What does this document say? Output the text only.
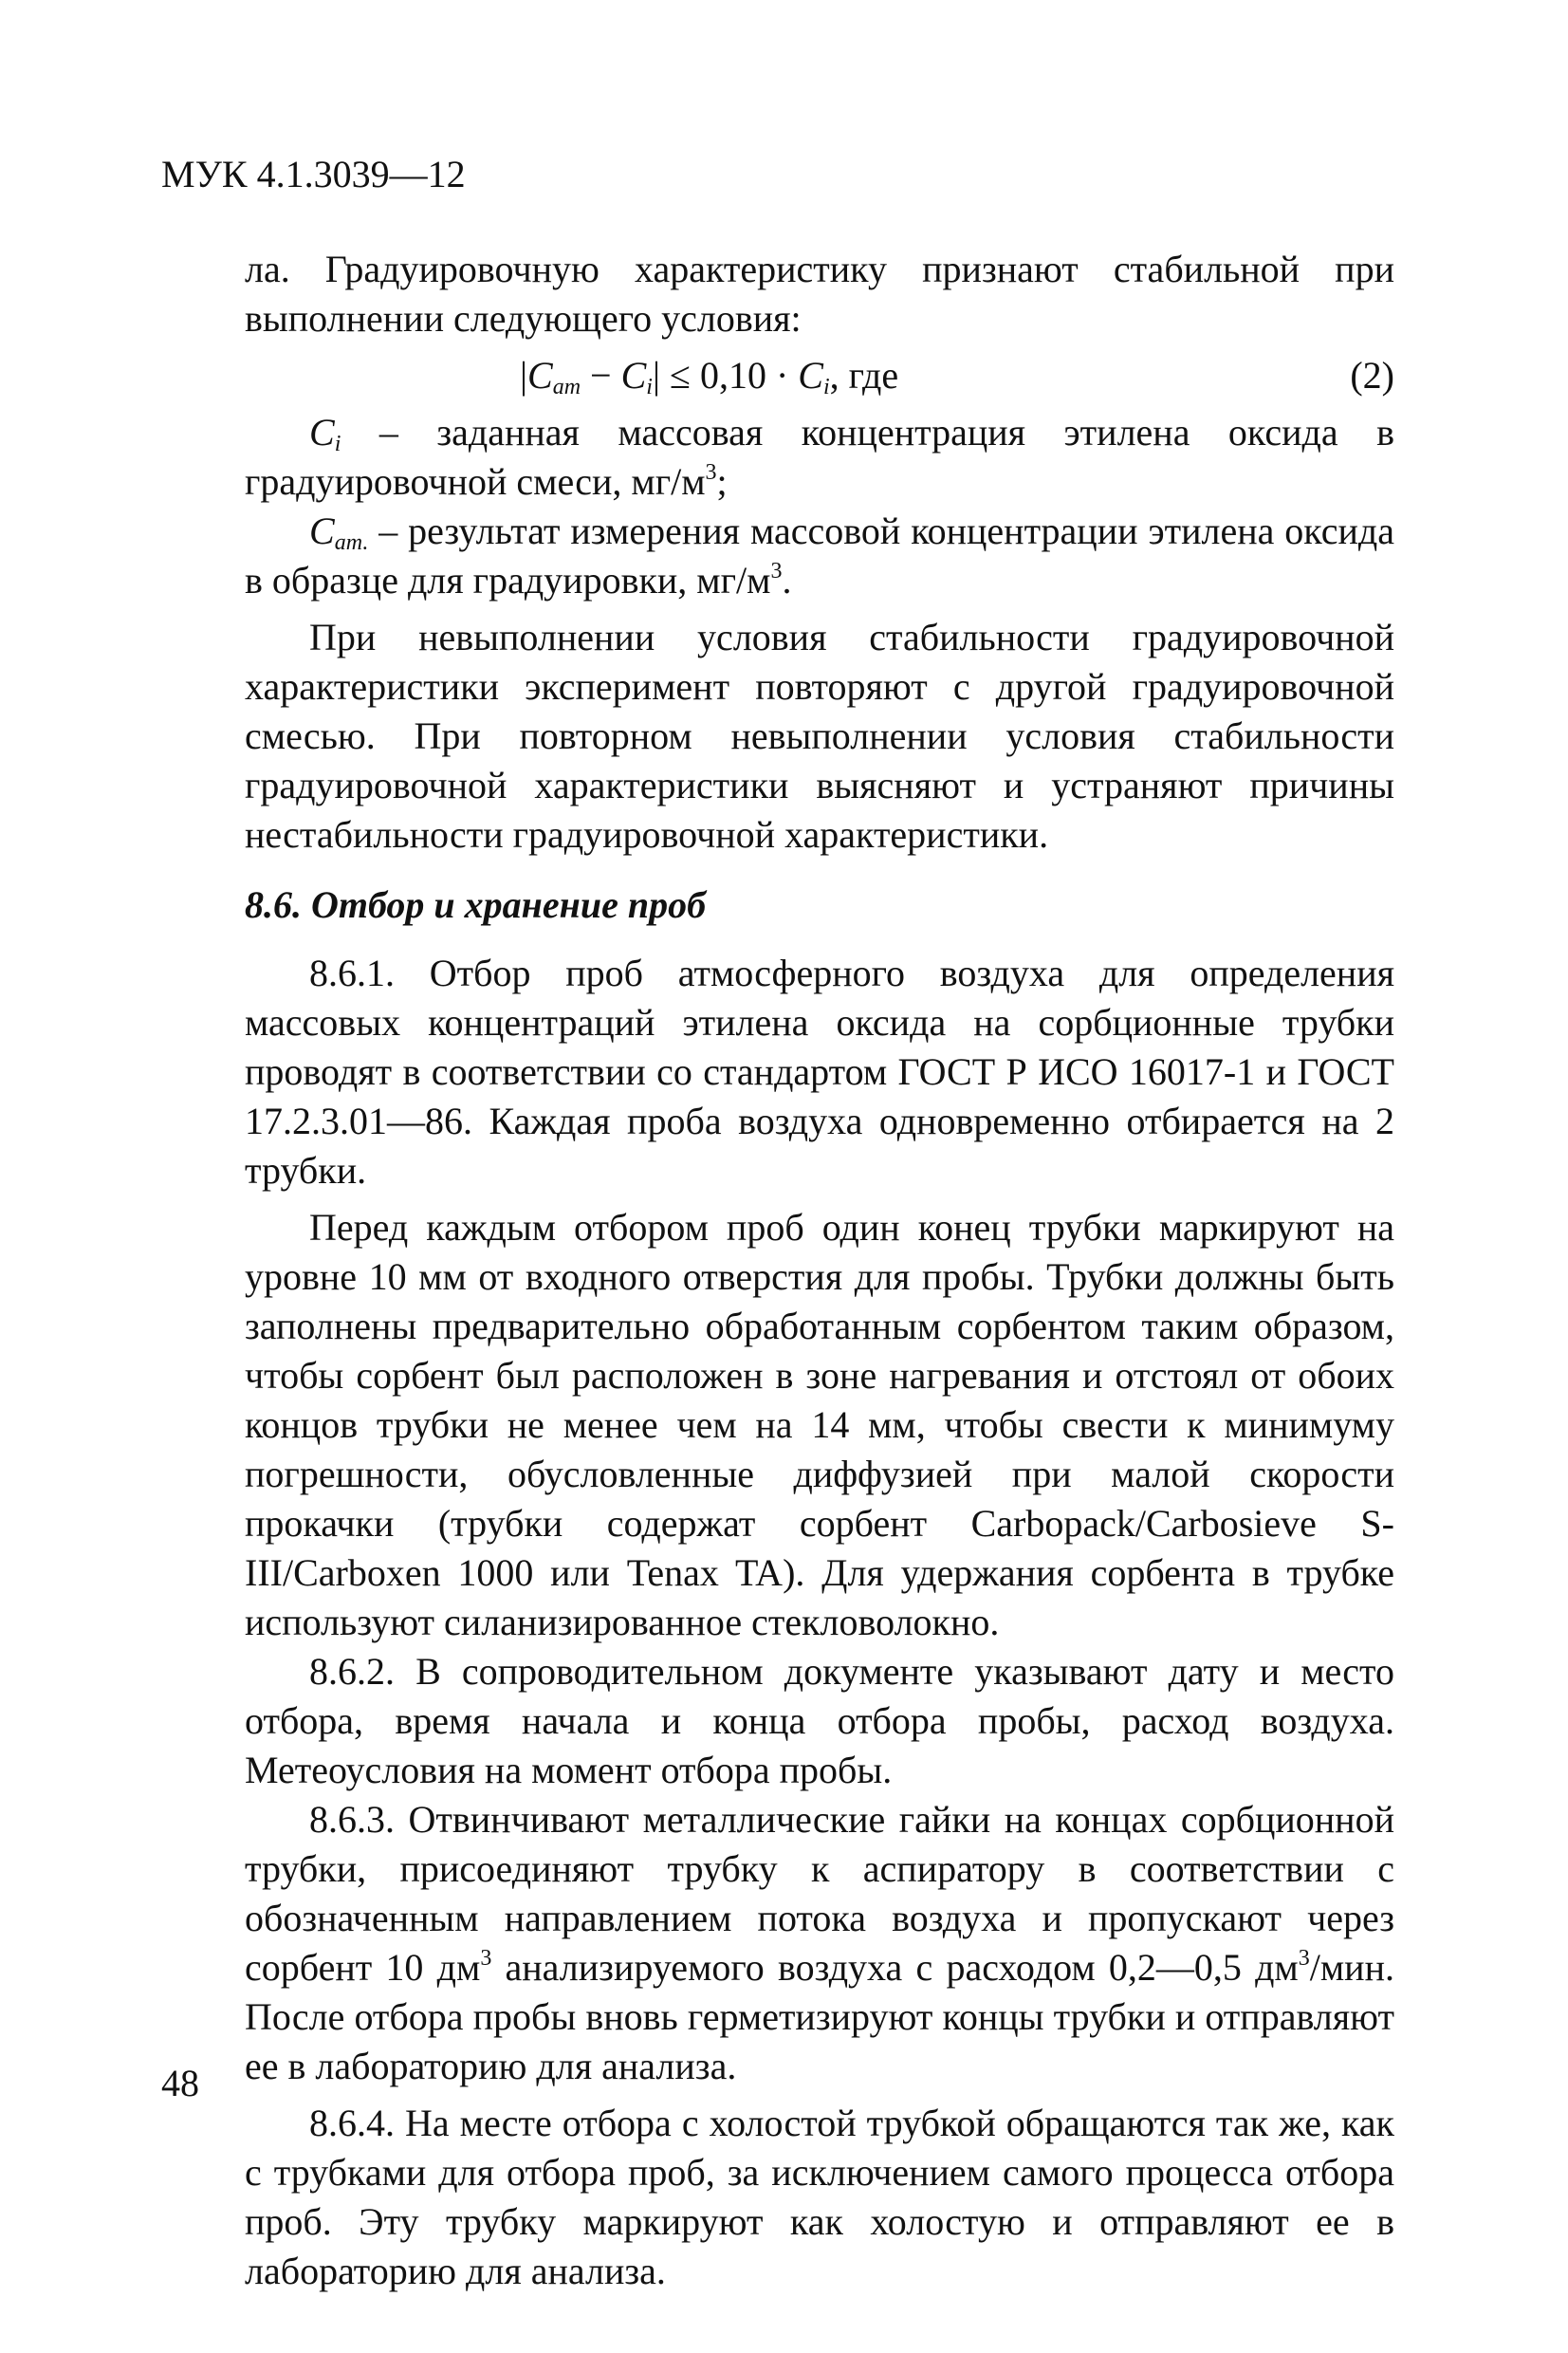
МУК 4.1.3039—12

ла. Градуировочную характеристику признают стабильной при выполнении следующего условия:

$|C_{ат} - C_i| \le 0,10 \cdot C_i$, где	(2)

$C_i$ – заданная массовая концентрация этилена оксида в градуировочной смеси, $мг/м^3$;

$C_{ат.}$ – результат измерения массовой концентрации этилена оксида в образце для градуировки, $мг/м^3$.

При невыполнении условия стабильности градуировочной характеристики эксперимент повторяют с другой градуировочной смесью. При повторном невыполнении условия стабильности градуировочной характеристики выясняют и устраняют причины нестабильности градуировочной характеристики.

8.6. Отбор и хранение проб

8.6.1. Отбор проб атмосферного воздуха для определения массовых концентраций этилена оксида на сорбционные трубки проводят в соответствии со стандартом ГОСТ Р ИСО 16017-1 и ГОСТ 17.2.3.01—86. Каждая проба воздуха одновременно отбирается на 2 трубки.

Перед каждым отбором проб один конец трубки маркируют на уровне 10 мм от входного отверстия для пробы. Трубки должны быть заполнены предварительно обработанным сорбентом таким образом, чтобы сорбент был расположен в зоне нагревания и отстоял от обоих концов трубки не менее чем на 14 мм, чтобы свести к минимуму погрешности, обусловленные диффузией при малой скорости прокачки (трубки содержат сорбент Carbopack/Carbosieve S-III/Carboxen 1000 или Tenax TA). Для удержания сорбента в трубке используют силанизированное стекловолокно.

8.6.2. В сопроводительном документе указывают дату и место отбора, время начала и конца отбора пробы, расход воздуха. Метеоусловия на момент отбора пробы.

8.6.3. Отвинчивают металлические гайки на концах сорбционной трубки, присоединяют трубку к аспиратору в соответствии с обозначенным направлением потока воздуха и пропускают через сорбент 10 $дм^3$ анализируемого воздуха с расходом 0,2—0,5 $дм^3$/мин. После отбора пробы вновь герметизируют концы трубки и отправляют ее в лабораторию для анализа.

8.6.4. На месте отбора с холостой трубкой обращаются так же, как с трубками для отбора проб, за исключением самого процесса отбора проб. Эту трубку маркируют как холостую и отправляют ее в лабораторию для анализа.

48
